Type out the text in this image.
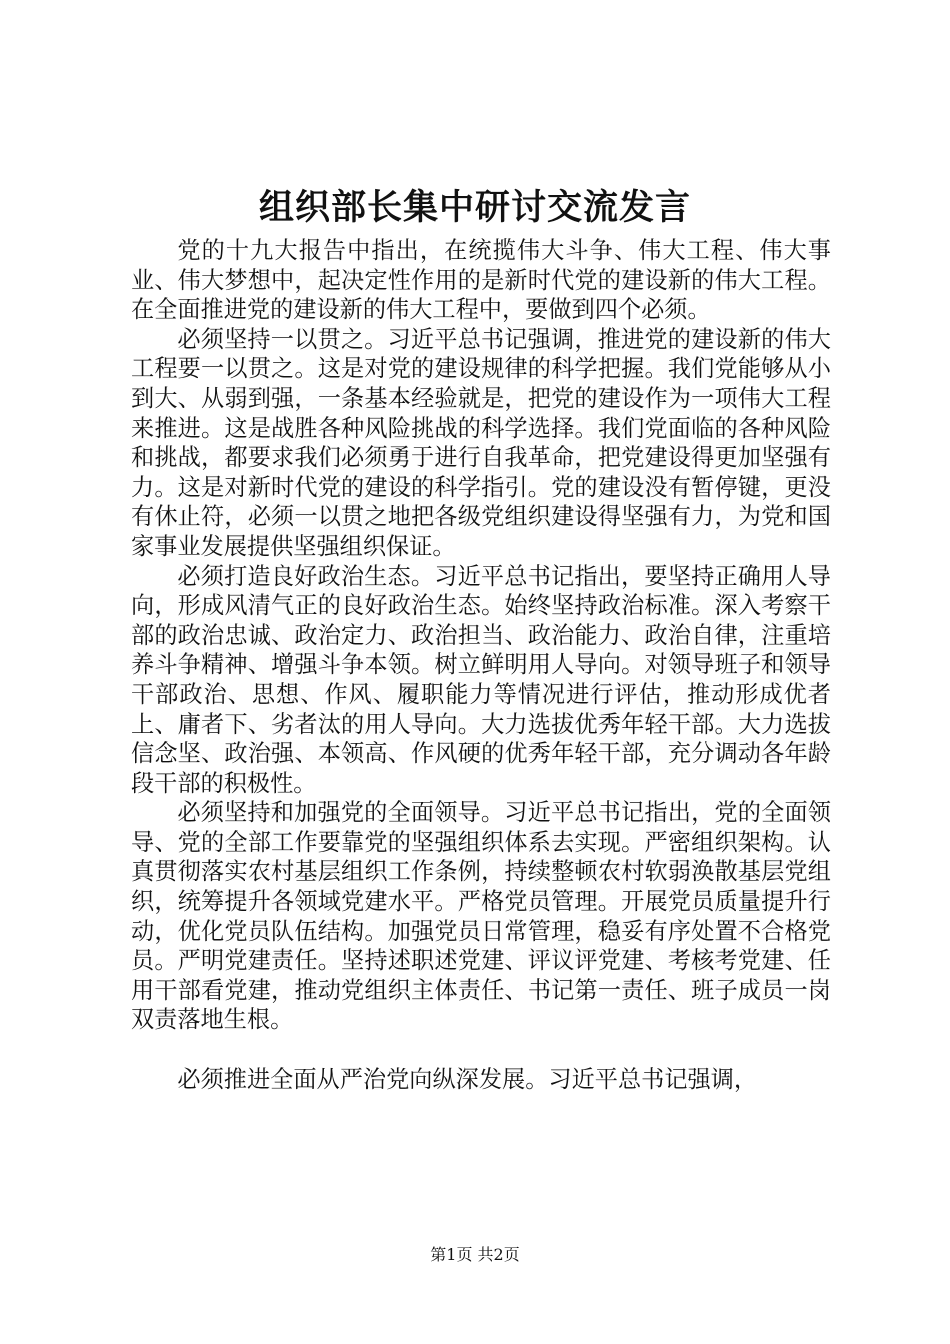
组织部长集中研讨交流发言

党的十九大报告中指出，在统揽伟大斗争、伟大工程、伟大事业、伟大梦想中，起决定性作用的是新时代党的建设新的伟大工程。在全面推进党的建设新的伟大工程中，要做到四个必须。

必须坚持一以贯之。习近平总书记强调，推进党的建设新的伟大工程要一以贯之。这是对党的建设规律的科学把握。我们党能够从小到大、从弱到强，一条基本经验就是，把党的建设作为一项伟大工程来推进。这是战胜各种风险挑战的科学选择。我们党面临的各种风险和挑战，都要求我们必须勇于进行自我革命，把党建设得更加坚强有力。这是对新时代党的建设的科学指引。党的建设没有暂停键，更没有休止符，必须一以贯之地把各级党组织建设得坚强有力，为党和国家事业发展提供坚强组织保证。

必须打造良好政治生态。习近平总书记指出，要坚持正确用人导向，形成风清气正的良好政治生态。始终坚持政治标准。深入考察干部的政治忠诚、政治定力、政治担当、政治能力、政治自律，注重培养斗争精神、增强斗争本领。树立鲜明用人导向。对领导班子和领导干部政治、思想、作风、履职能力等情况进行评估，推动形成优者上、庸者下、劣者汰的用人导向。大力选拔优秀年轻干部。大力选拔信念坚、政治强、本领高、作风硬的优秀年轻干部，充分调动各年龄段干部的积极性。

必须坚持和加强党的全面领导。习近平总书记指出，党的全面领导、党的全部工作要靠党的坚强组织体系去实现。严密组织架构。认真贯彻落实农村基层组织工作条例，持续整顿农村软弱涣散基层党组织，统筹提升各领域党建水平。严格党员管理。开展党员质量提升行动，优化党员队伍结构。加强党员日常管理，稳妥有序处置不合格党员。严明党建责任。坚持述职述党建、评议评党建、考核考党建、任用干部看党建，推动党组织主体责任、书记第一责任、班子成员一岗双责落地生根。

必须推进全面从严治党向纵深发展。习近平总书记强调，

第1页 共2页
